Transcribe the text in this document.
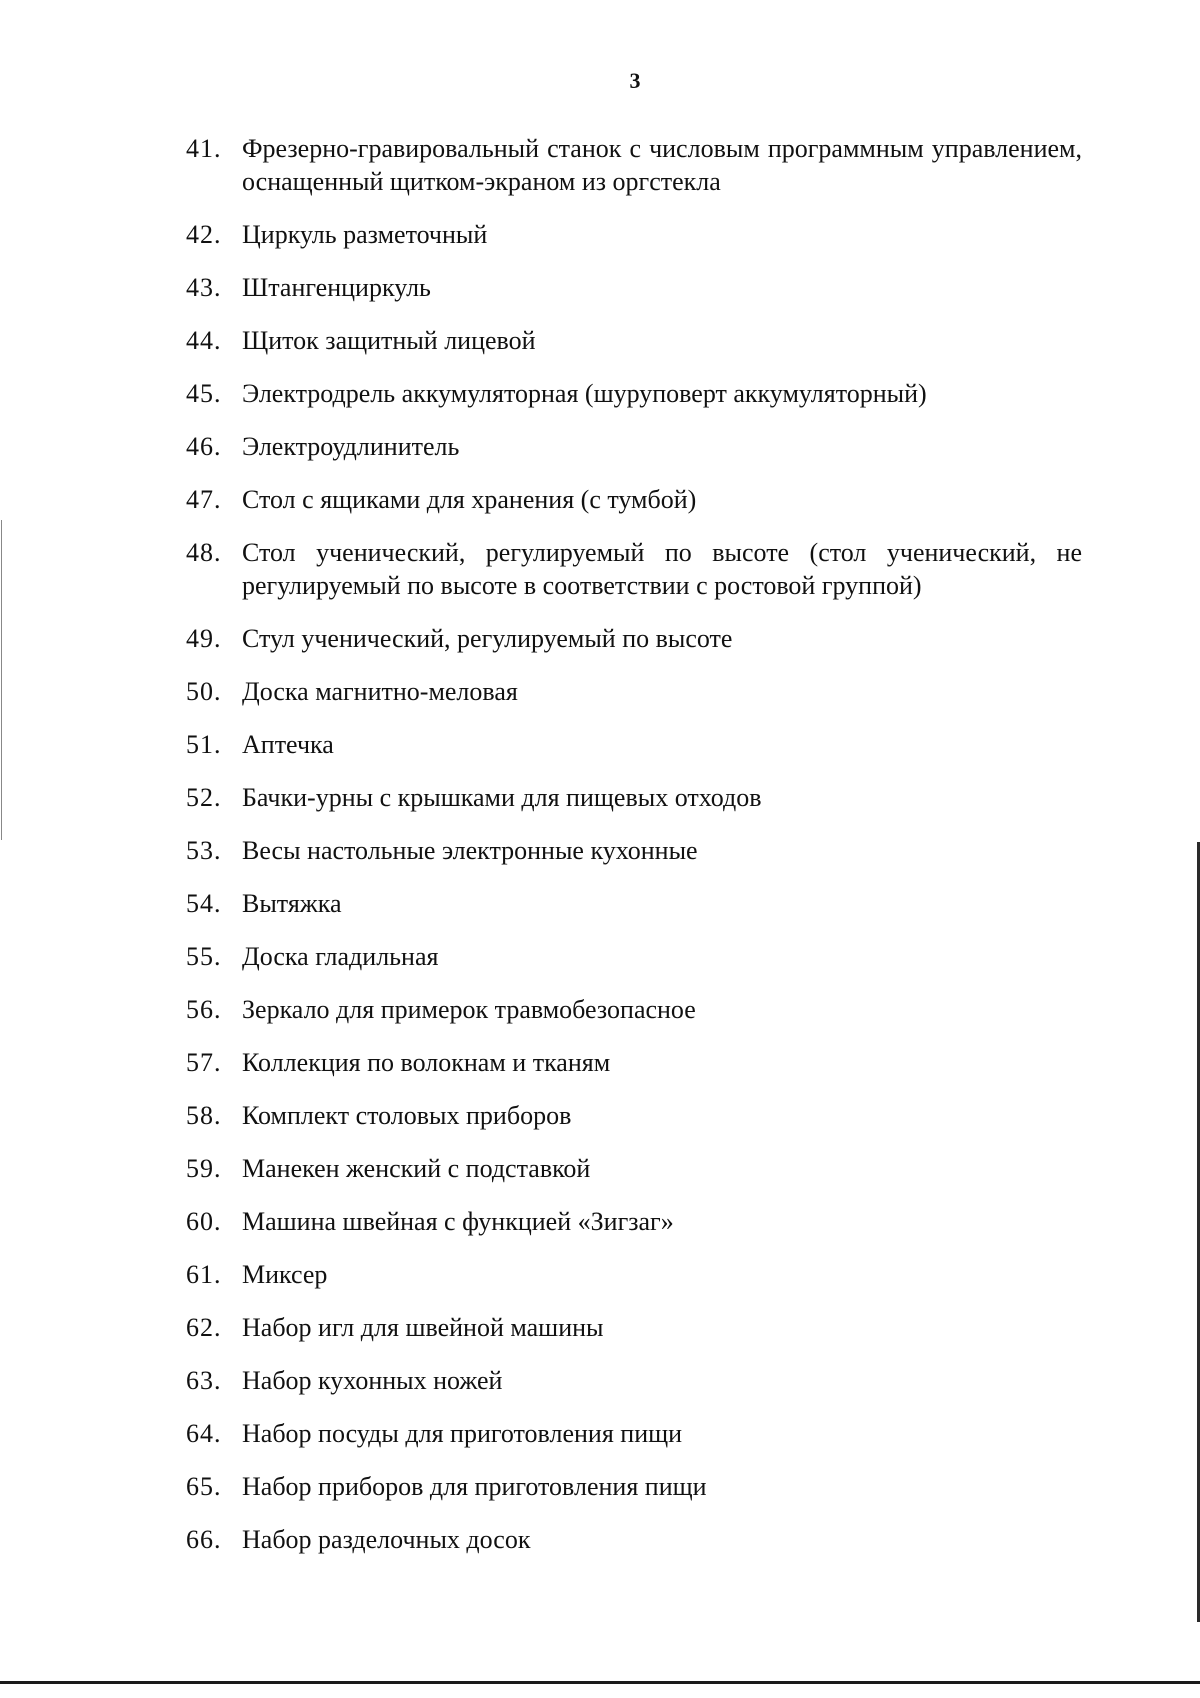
3
41. Фрезерно-гравировальный станок с числовым программным управлением, оснащенный щитком-экраном из оргстекла
42. Циркуль разметочный
43. Штангенциркуль
44. Щиток защитный лицевой
45. Электродрель аккумуляторная (шуруповерт аккумуляторный)
46. Электроудлинитель
47. Стол с ящиками для хранения (с тумбой)
48. Стол ученический, регулируемый по высоте (стол ученический, не регулируемый по высоте в соответствии с ростовой группой)
49. Стул ученический, регулируемый по высоте
50. Доска магнитно-меловая
51. Аптечка
52. Бачки-урны с крышками для пищевых отходов
53. Весы настольные электронные кухонные
54. Вытяжка
55. Доска гладильная
56. Зеркало для примерок травмобезопасное
57. Коллекция по волокнам и тканям
58. Комплект столовых приборов
59. Манекен женский с подставкой
60. Машина швейная с функцией «Зигзаг»
61. Миксер
62. Набор игл для швейной машины
63. Набор кухонных ножей
64. Набор посуды для приготовления пищи
65. Набор приборов для приготовления пищи
66. Набор разделочных досок
